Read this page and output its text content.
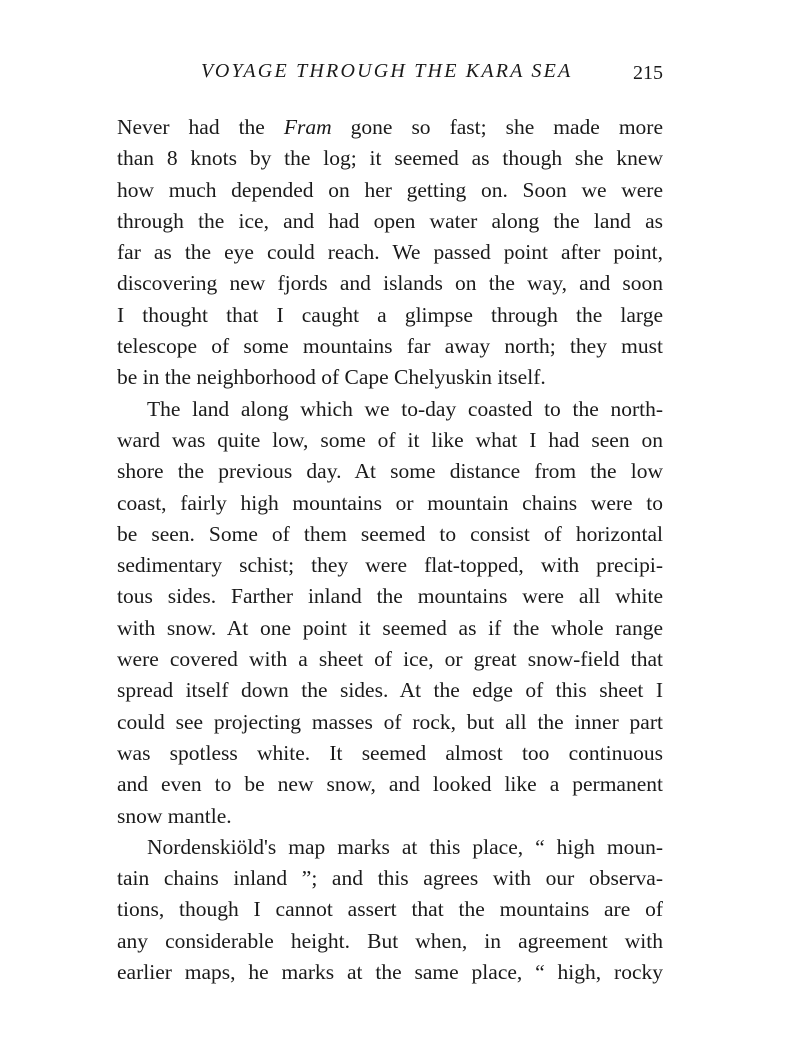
VOYAGE THROUGH THE KARA SEA	215
Never had the Fram gone so fast; she made more
than 8 knots by the log; it seemed as though she knew
how much depended on her getting on. Soon we were
through the ice, and had open water along the land as
far as the eye could reach. We passed point after point,
discovering new fjords and islands on the way, and soon
I thought that I caught a glimpse through the large
telescope of some mountains far away north; they must
be in the neighborhood of Cape Chelyuskin itself.
The land along which we to-day coasted to the north-
ward was quite low, some of it like what I had seen on
shore the previous day. At some distance from the low
coast, fairly high mountains or mountain chains were to
be seen. Some of them seemed to consist of horizontal
sedimentary schist; they were flat-topped, with precipi-
tous sides. Farther inland the mountains were all white
with snow. At one point it seemed as if the whole range
were covered with a sheet of ice, or great snow-field that
spread itself down the sides. At the edge of this sheet I
could see projecting masses of rock, but all the inner part
was spotless white. It seemed almost too continuous
and even to be new snow, and looked like a permanent
snow mantle.
Nordenskiöld's map marks at this place, “ high moun-
tain chains inland ”; and this agrees with our observa-
tions, though I cannot assert that the mountains are of
any considerable height. But when, in agreement with
earlier maps, he marks at the same place, “ high, rocky
